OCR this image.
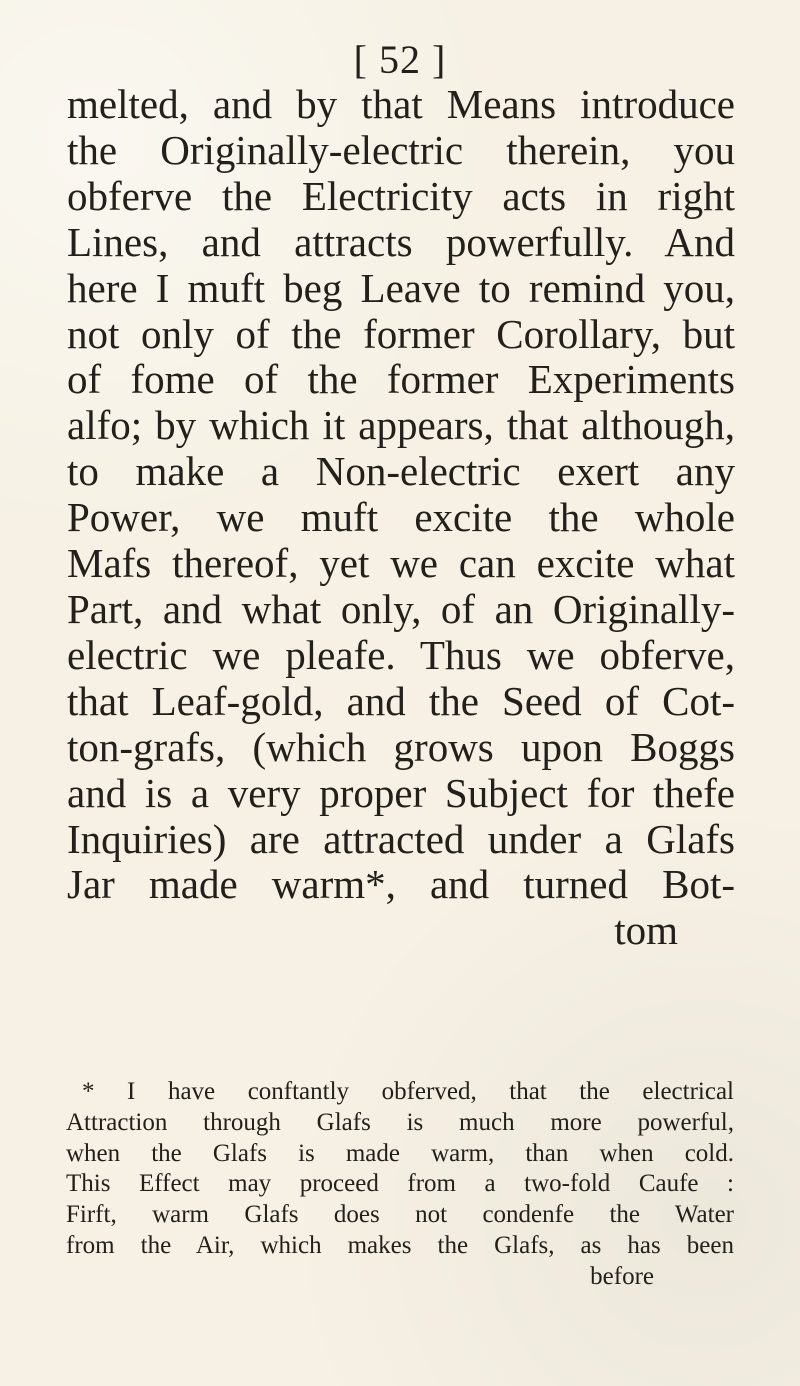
[ 52 ]
melted, and by that Means introduce
the Originally-electric therein, you
obferve the Electricity acts in right
Lines, and attracts powerfully. And
here I muft beg Leave to remind you,
not only of the former Corollary, but
of fome of the former Experiments
alfo; by which it appears, that although,
to make a Non-electric exert any
Power, we muft excite the whole
Mafs thereof, yet we can excite what
Part, and what only, of an Originally-
electric we pleafe. Thus we obferve,
that Leaf-gold, and the Seed of Cot-
ton-grafs, (which grows upon Boggs
and is a very proper Subject for thefe
Inquiries) are attracted under a Glafs
Jar made warm*, and turned Bot-
tom
* I have conftantly obferved, that the electrical
Attraction through Glafs is much more powerful,
when the Glafs is made warm, than when cold.
This Effect may proceed from a two-fold Caufe :
Firft, warm Glafs does not condenfe the Water
from the Air, which makes the Glafs, as has been
before
